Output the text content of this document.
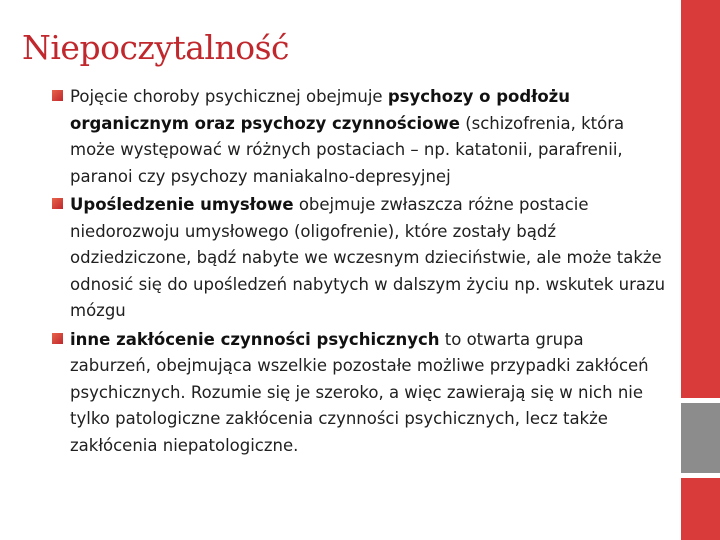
Niepoczytalność
Pojęcie choroby psychicznej obejmuje psychozy o podłożu organicznym oraz psychozy czynnościowe (schizofrenia, która może występować w różnych postaciach – np. katatonii, parafrenii, paranoi czy psychozy maniakalno-depresyjnej
Upośledzenie umysłowe obejmuje zwłaszcza różne postacie niedorozwoju umysłowego (oligofrenie), które zostały bądź odziedziczone, bądź nabyte we wczesnym dzieciństwie, ale może także odnosić się do upośledzeń nabytych w dalszym życiu np. wskutek urazu mózgu
inne zakłócenie czynności psychicznych to otwarta grupa zaburzeń, obejmująca wszelkie pozostałe możliwe przypadki zakłóceń psychicznych. Rozumie się je szeroko, a więc zawierają się w nich nie tylko patologiczne zakłócenia czynności psychicznych, lecz także zakłócenia niepatologiczne.
